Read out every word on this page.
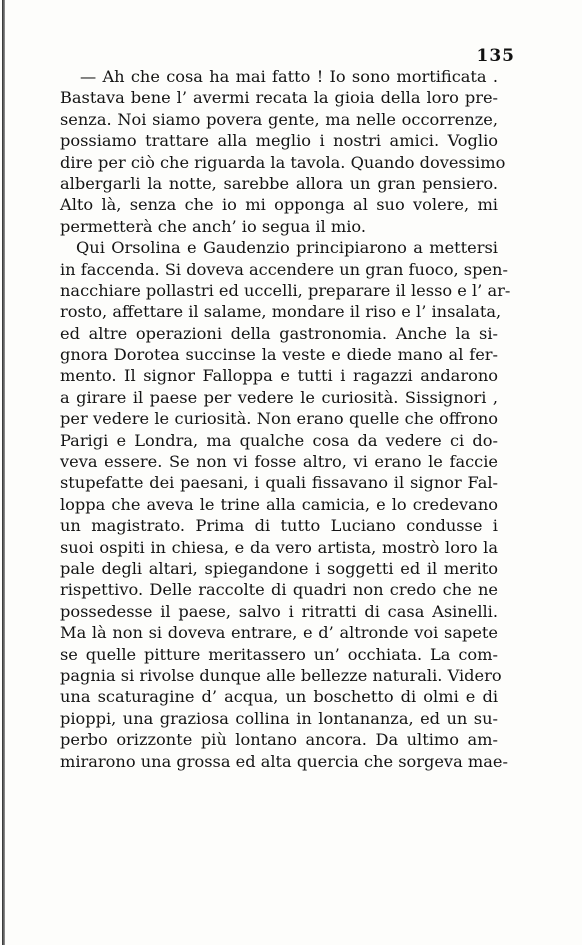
135
— Ah che cosa ha mai fatto ! Io sono mortificata .
Bastava bene l’ avermi recata la gioia della loro pre-
senza. Noi siamo povera gente, ma nelle occorrenze,
possiamo trattare alla meglio i nostri amici. Voglio
dire per ciò che riguarda la tavola. Quando dovessimo
albergarli la notte, sarebbe allora un gran pensiero.
Alto là, senza che io mi opponga al suo volere, mi
permetterà che anch’ io segua il mio.
Qui Orsolina e Gaudenzio principiarono a mettersi
in faccenda. Si doveva accendere un gran fuoco, spen-
nacchiare pollastri ed uccelli, preparare il lesso e l’ ar-
rosto, affettare il salame, mondare il riso e l’ insalata,
ed altre operazioni della gastronomia. Anche la si-
gnora Dorotea succinse la veste e diede mano al fer-
mento. Il signor Falloppa e tutti i ragazzi andarono
a girare il paese per vedere le curiosità. Sissignori ,
per vedere le curiosità. Non erano quelle che offrono
Parigi e Londra, ma qualche cosa da vedere ci do-
veva essere. Se non vi fosse altro, vi erano le faccie
stupefatte dei paesani, i quali fissavano il signor Fal-
loppa che aveva le trine alla camicia, e lo credevano
un magistrato. Prima di tutto Luciano condusse i
suoi ospiti in chiesa, e da vero artista, mostrò loro la
pale degli altari, spiegandone i soggetti ed il merito
rispettivo. Delle raccolte di quadri non credo che ne
possedesse il paese, salvo i ritratti di casa Asinelli.
Ma là non si doveva entrare, e d’ altronde voi sapete
se quelle pitture meritassero un’ occhiata. La com-
pagnia si rivolse dunque alle bellezze naturali. Videro
una scaturagine d’ acqua, un boschetto di olmi e di
pioppi, una graziosa collina in lontananza, ed un su-
perbo orizzonte più lontano ancora. Da ultimo am-
mirarono una grossa ed alta quercia che sorgeva mae-
